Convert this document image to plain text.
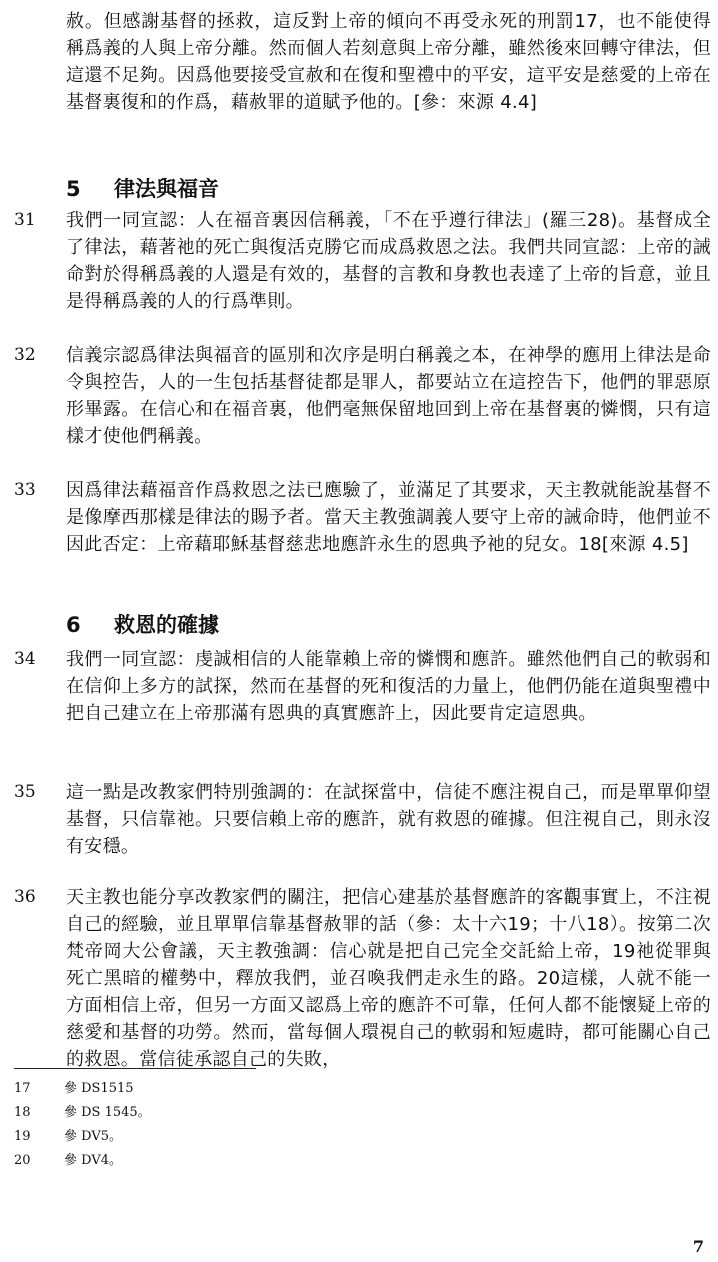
赦。但感謝基督的拯救，這反對上帝的傾向不再受永死的刑罰17，也不能使得稱爲義的人與上帝分離。然而個人若刻意與上帝分離，雖然後來回轉守律法，但這還不足夠。因爲他要接受宣赦和在復和聖禮中的平安，這平安是慈愛的上帝在基督裏復和的作爲，藉赦罪的道賦予他的。[參：來源 4.4]
5 律法與福音
31 我們一同宣認：人在福音裏因信稱義，「不在乎遵行律法」(羅三28)。基督成全了律法，藉著祂的死亡與復活克勝它而成爲救恩之法。我們共同宣認：上帝的誡命對於得稱爲義的人還是有效的，基督的言教和身教也表達了上帝的旨意，並且是得稱爲義的人的行爲準則。
32 信義宗認爲律法與福音的區別和次序是明白稱義之本，在神學的應用上律法是命令與控告，人的一生包括基督徒都是罪人，都要站立在這控告下，他們的罪惡原形畢露。在信心和在福音裏，他們毫無保留地回到上帝在基督裏的憐憫，只有這樣才使他們稱義。
33 因爲律法藉福音作爲救恩之法已應驗了，並滿足了其要求，天主教就能說基督不是像摩西那樣是律法的賜予者。當天主教強調義人要守上帝的誡命時，他們並不因此否定：上帝藉耶穌基督慈悲地應許永生的恩典予祂的兒女。18[來源 4.5]
6 救恩的確據
34 我們一同宣認：虔誠相信的人能靠賴上帝的憐憫和應許。雖然他們自己的軟弱和在信仰上多方的試探，然而在基督的死和復活的力量上，他們仍能在道與聖禮中把自己建立在上帝那滿有恩典的真實應許上，因此要肯定這恩典。
35 這一點是改教家們特別強調的：在試探當中，信徒不應注視自己，而是單單仰望基督，只信靠祂。只要信賴上帝的應許，就有救恩的確據。但注視自己，則永沒有安穩。
36 天主教也能分享改教家們的關注，把信心建基於基督應許的客觀事實上，不注視自己的經驗，並且單單信靠基督赦罪的話（參：太十六19；十八18）。按第二次梵帝岡大公會議，天主教強調：信心就是把自己完全交託給上帝，19祂從罪與死亡黑暗的權勢中，釋放我們，並召喚我們走永生的路。20這樣，人就不能一方面相信上帝，但另一方面又認爲上帝的應許不可靠，任何人都不能懷疑上帝的慈愛和基督的功勞。然而，當每個人環視自己的軟弱和短處時，都可能關心自己的救恩。當信徒承認自己的失敗，
17	參 DS1515
18	參 DS 1545。
19	參 DV5。
20	參 DV4。
7
